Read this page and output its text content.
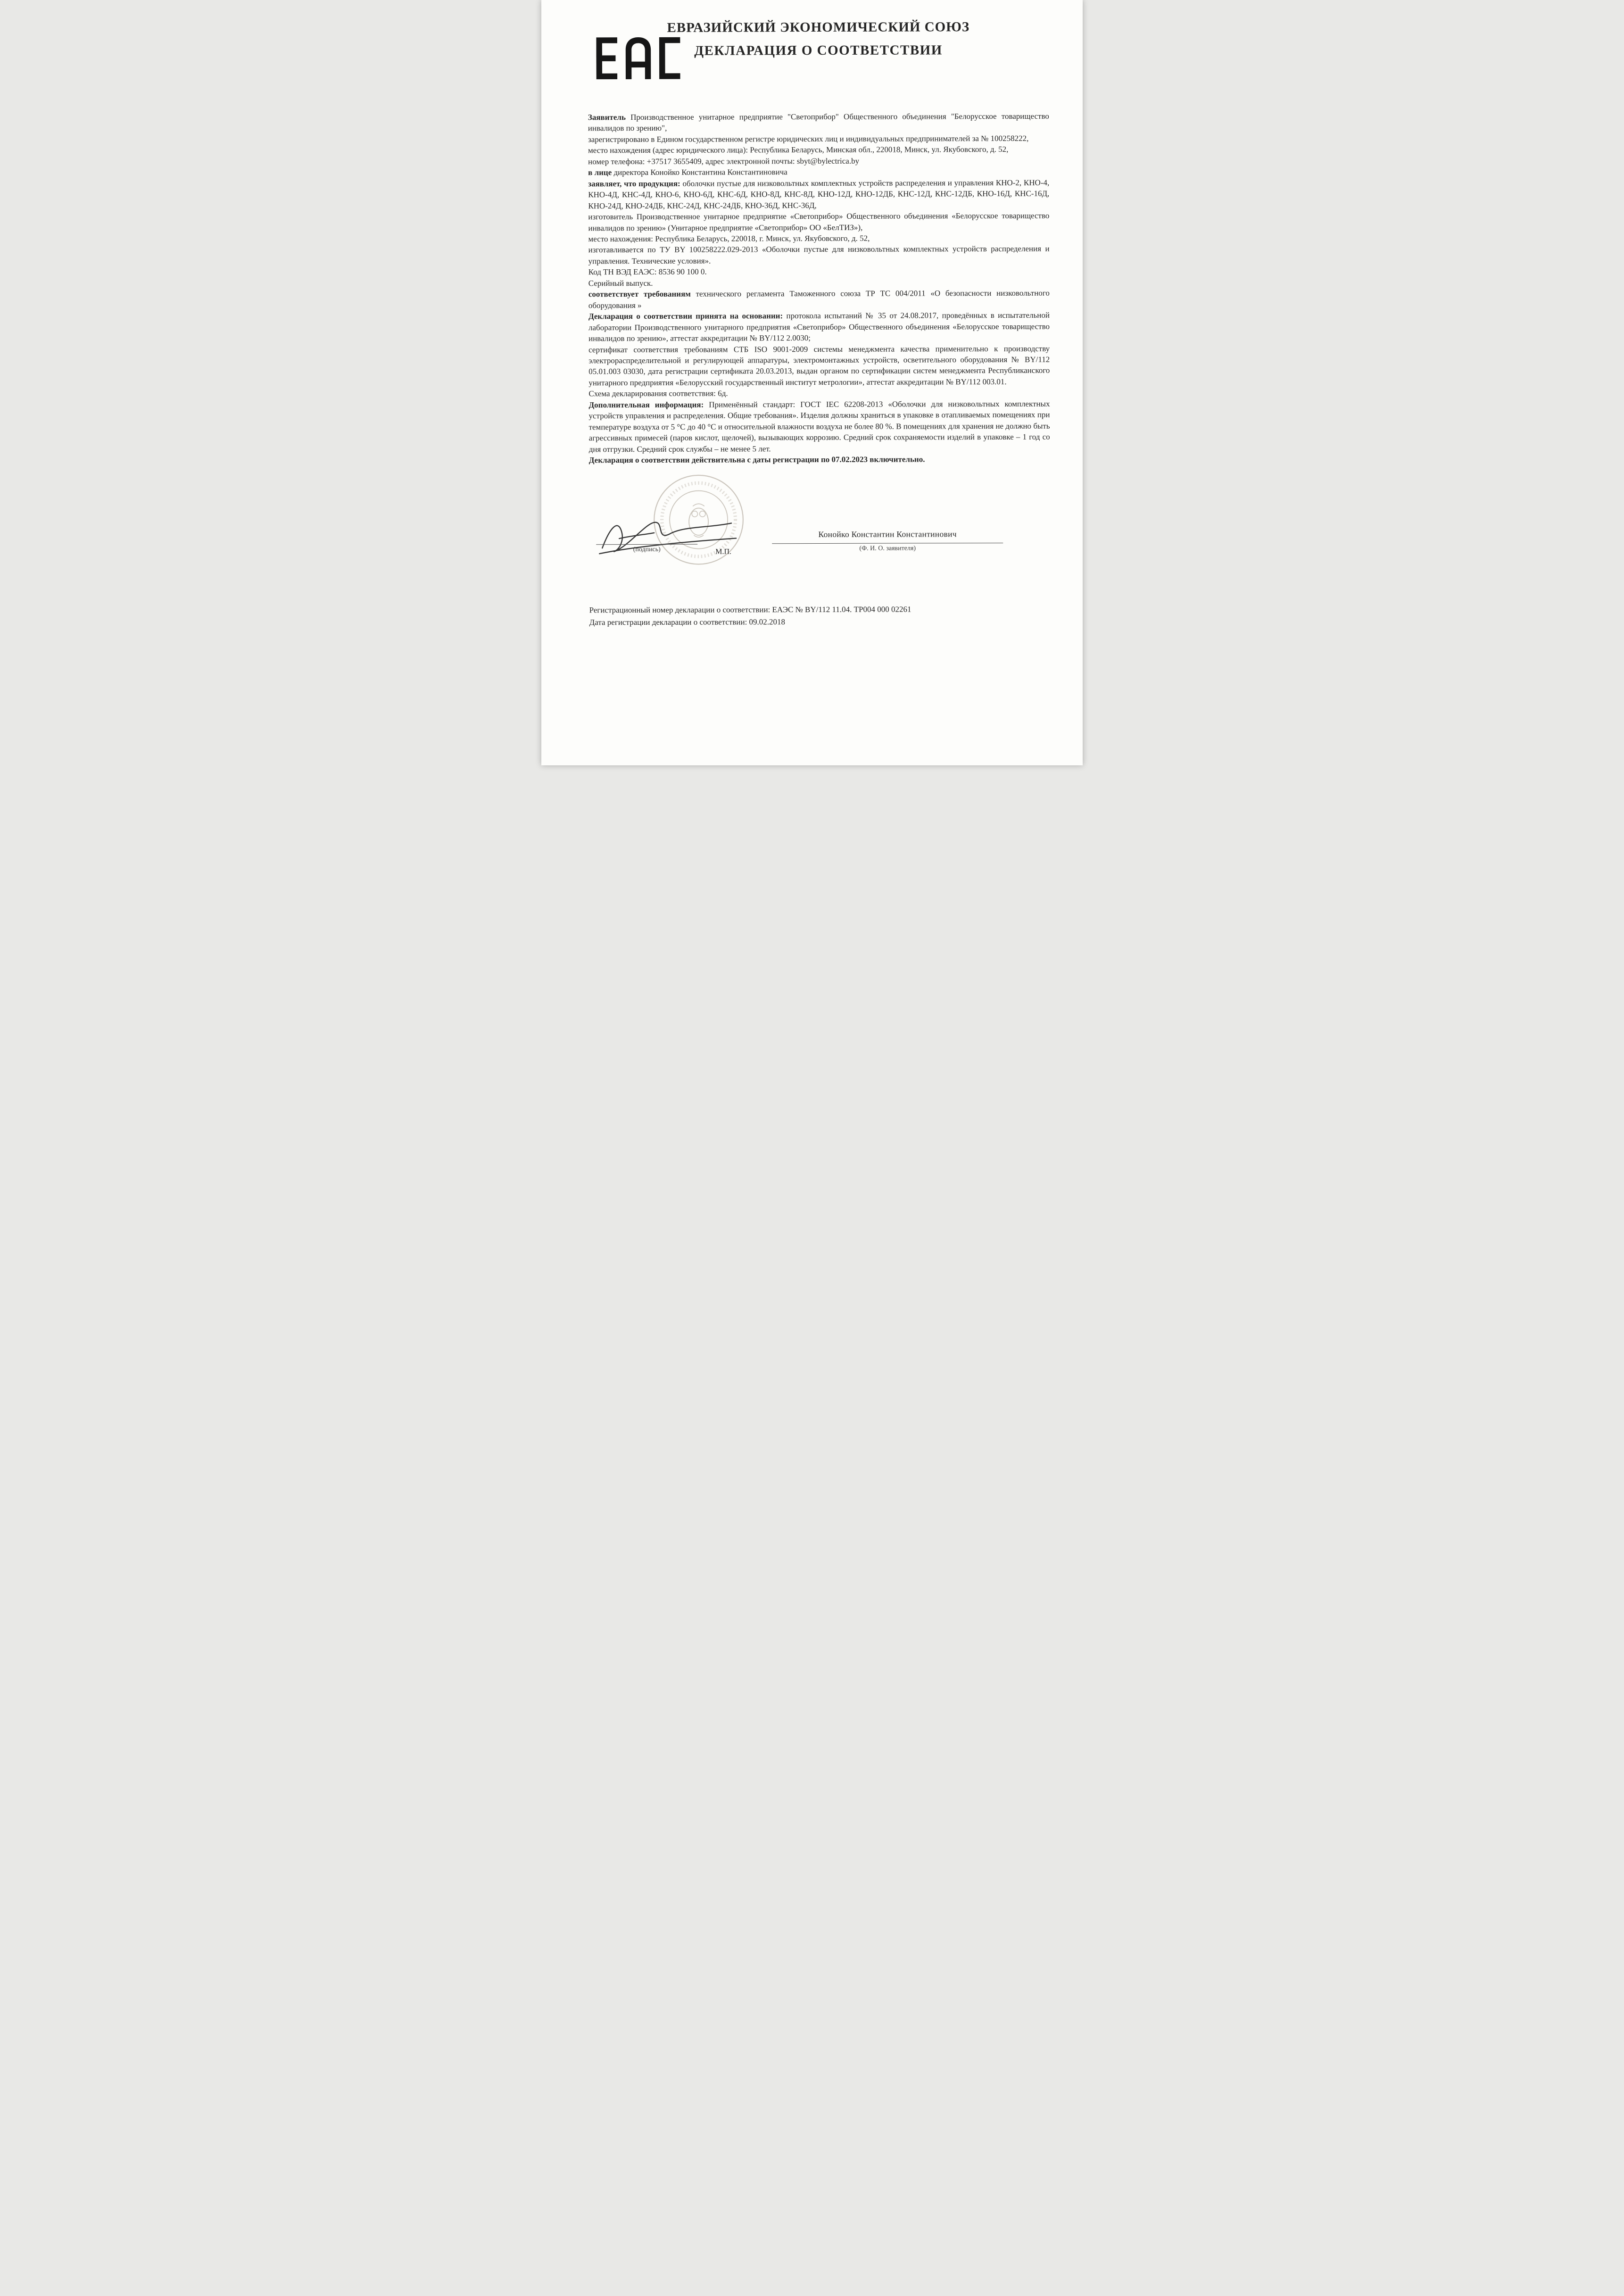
ЕВРАЗИЙСКИЙ ЭКОНОМИЧЕСКИЙ СОЮЗ
ДЕКЛАРАЦИЯ О СООТВЕТСТВИИ

Заявитель Производственное унитарное предприятие "Светоприбор" Общественного объединения "Белорусское товарищество инвалидов по зрению",

зарегистрировано в Едином государственном регистре юридических лиц и индивидуальных предпринимателей за № 100258222,

место нахождения (адрес юридического лица): Республика Беларусь, Минская обл., 220018, Минск, ул. Якубовского, д. 52,

номер телефона: +37517 3655409, адрес электронной почты: sbyt@bylectrica.by

в лице директора Конойко Константина Константиновича

заявляет, что продукция: оболочки пустые для низковольтных комплектных устройств распределения и управления КНО-2, КНО-4, КНО-4Д, КНС-4Д, КНО-6, КНО-6Д, КНС-6Д, КНО-8Д, КНС-8Д, КНО-12Д, КНО-12ДБ, КНС-12Д, КНС-12ДБ, КНО-16Д, КНС-16Д, КНО-24Д, КНО-24ДБ, КНС-24Д, КНС-24ДБ, КНО-36Д, КНС-36Д,

изготовитель Производственное унитарное предприятие «Светоприбор» Общественного объединения «Белорусское товарищество инвалидов по зрению» (Унитарное предприятие «Светоприбор» ОО «БелТИЗ»),

место нахождения: Республика Беларусь, 220018, г. Минск, ул. Якубовского, д. 52,

изготавливается по ТУ BY 100258222.029-2013 «Оболочки пустые для низковольтных комплектных устройств распределения и управления. Технические условия».

Код ТН ВЭД ЕАЭС: 8536 90 100 0.

Серийный выпуск.

соответствует требованиям технического регламента Таможенного союза ТР ТС 004/2011 «О безопасности низковольтного оборудования »

Декларация о соответствии принята на основании: протокола испытаний № 35 от 24.08.2017, проведённых в испытательной лаборатории Производственного унитарного предприятия «Светоприбор» Общественного объединения «Белорусское товарищество инвалидов по зрению», аттестат аккредитации № BY/112 2.0030;

сертификат соответствия требованиям СТБ ISO 9001-2009 системы менеджмента качества применительно к производству электрораспределительной и регулирующей аппаратуры, электромонтажных устройств, осветительного оборудования № BY/112 05.01.003 03030, дата регистрации сертификата 20.03.2013, выдан органом по сертификации систем менеджмента Республиканского унитарного предприятия «Белорусский государственный институт метрологии», аттестат аккредитации № BY/112 003.01.

Схема декларирования соответствия: 6д.

Дополнительная информация: Применённый стандарт: ГОСТ IEC 62208-2013 «Оболочки для низковольтных комплектных устройств управления и распределения. Общие требования». Изделия должны храниться в упаковке в отапливаемых помещениях при температуре воздуха от 5 °С до 40 °С и относительной влажности воздуха не более 80 %. В помещениях для хранения не должно быть агрессивных примесей (паров кислот, щелочей), вызывающих коррозию. Средний срок сохраняемости изделий в упаковке – 1 год со дня отгрузки. Средний срок службы – не менее 5 лет.

Декларация о соответствии действительна с даты регистрации по 07.02.2023 включительно.

(подпись)	М.П.
Конойко Константин Константинович
(Ф. И. О. заявителя)
Регистрационный номер декларации о соответствии: ЕАЭС № BY/112 11.04. ТР004 000 02261
Дата регистрации декларации о соответствии: 09.02.2018
